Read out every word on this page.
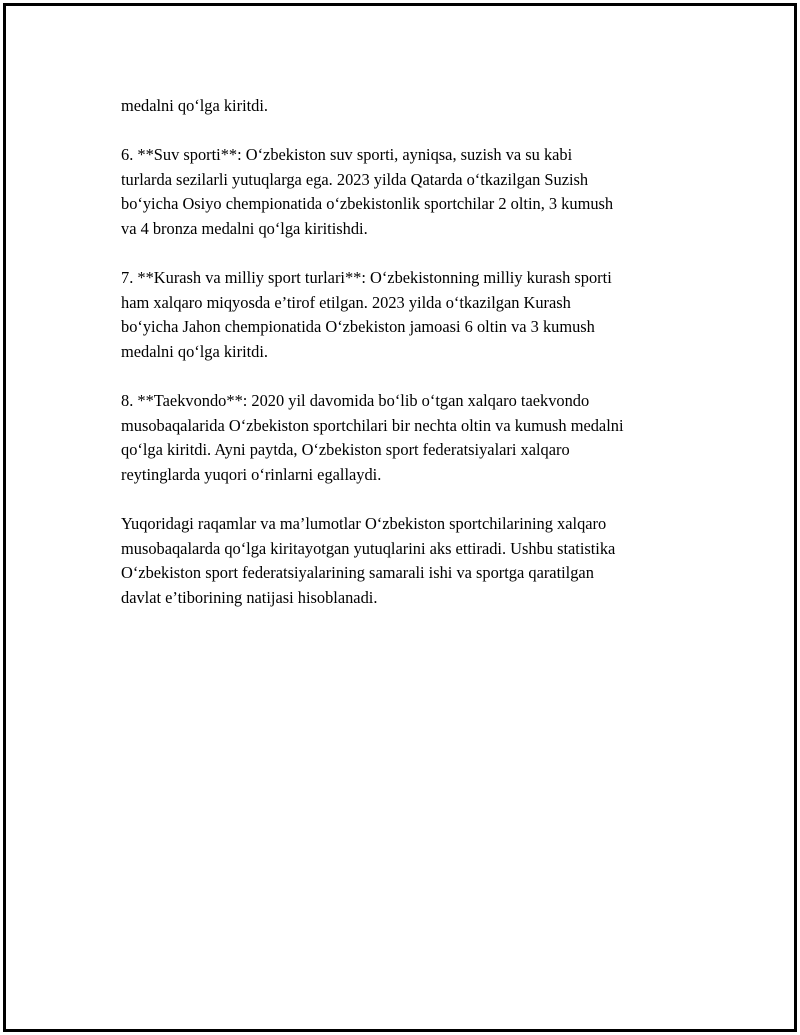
medalni qo‘lga kiritdi.

6. **Suv sporti**: O‘zbekiston suv sporti, ayniqsa, suzish va su kabi
turlarda sezilarli yutuqlarga ega. 2023 yilda Qatarda o‘tkazilgan Suzish
bo‘yicha Osiyo chempionatida o‘zbekistonlik sportchilar 2 oltin, 3 kumush
va 4 bronza medalni qo‘lga kiritishdi.

7. **Kurash va milliy sport turlari**: O‘zbekistonning milliy kurash sporti
ham xalqaro miqyosda e’tirof etilgan. 2023 yilda o‘tkazilgan Kurash
bo‘yicha Jahon chempionatida O‘zbekiston jamoasi 6 oltin va 3 kumush
medalni qo‘lga kiritdi.

8. **Taekvondo**: 2020 yil davomida bo‘lib o‘tgan xalqaro taekvondo
musobaqalarida O‘zbekiston sportchilari bir nechta oltin va kumush medalni
qo‘lga kiritdi. Ayni paytda, O‘zbekiston sport federatsiyalari xalqaro
reytinglarda yuqori o‘rinlarni egallaydi.

Yuqoridagi raqamlar va ma’lumotlar O‘zbekiston sportchilarining xalqaro
musobaqalarda qo‘lga kiritayotgan yutuqlarini aks ettiradi. Ushbu statistika
O‘zbekiston sport federatsiyalarining samarali ishi va sportga qaratilgan
davlat e’tiborining natijasi hisoblanadi.
